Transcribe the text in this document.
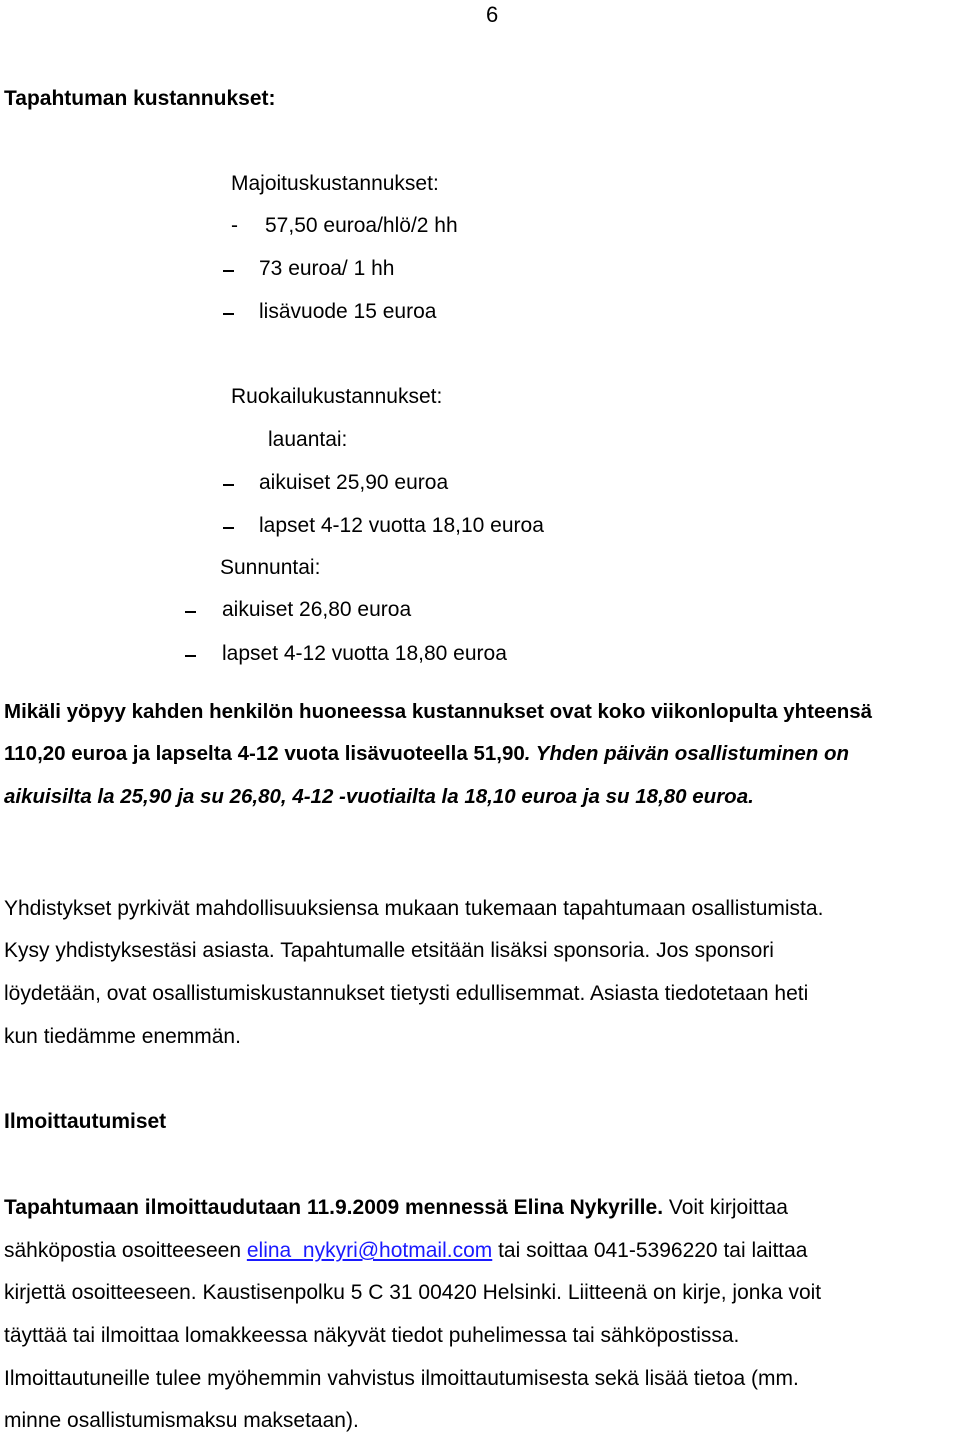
6
Tapahtuman kustannukset:
Majoituskustannukset:
- 57,50 euroa/hlö/2 hh
73 euroa/ 1 hh
lisävuode 15 euroa
Ruokailukustannukset:
lauantai:
aikuiset 25,90 euroa
lapset 4-12 vuotta 18,10 euroa
Sunnuntai:
aikuiset 26,80 euroa
lapset 4-12 vuotta 18,80 euroa
Mikäli yöpyy kahden henkilön huoneessa kustannukset ovat koko viikonlopulta yhteensä
110,20 euroa ja lapselta 4-12 vuota lisävuoteella 51,90. Yhden päivän osallistuminen on
aikuisilta la 25,90 ja su 26,80, 4-12 -vuotiailta la 18,10 euroa ja su 18,80 euroa.
Yhdistykset pyrkivät mahdollisuuksiensa mukaan tukemaan tapahtumaan osallistumista.
Kysy yhdistyksestäsi asiasta. Tapahtumalle etsitään lisäksi sponsoria. Jos sponsori
löydetään, ovat osallistumiskustannukset tietysti edullisemmat. Asiasta tiedotetaan heti
kun tiedämme enemmän.
Ilmoittautumiset
Tapahtumaan ilmoittaudutaan 11.9.2009 mennessä Elina Nykyrille. Voit kirjoittaa
sähköpostia osoitteeseen elina_nykyri@hotmail.com tai soittaa 041-5396220 tai laittaa
kirjettä osoitteeseen. Kaustisenpolku 5 C 31 00420 Helsinki. Liitteenä on kirje, jonka voit
täyttää tai ilmoittaa lomakkeessa näkyvät tiedot puhelimessa tai sähköpostissa.
Ilmoittautuneille tulee myöhemmin vahvistus ilmoittautumisesta sekä lisää tietoa (mm.
minne osallistumismaksu maksetaan).
